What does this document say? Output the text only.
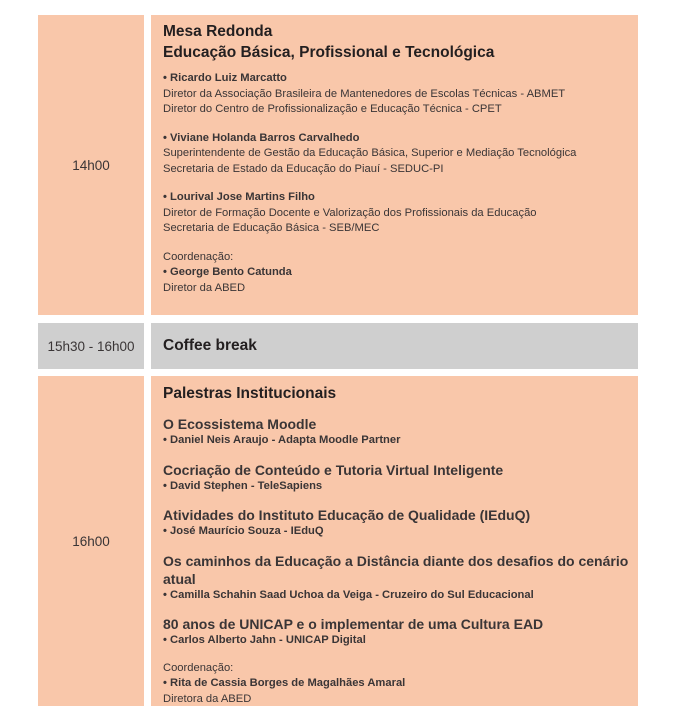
14h00
Mesa Redonda
Educação Básica, Profissional e Tecnológica
• Ricardo Luiz Marcatto
Diretor da Associação Brasileira de Mantenedores de Escolas Técnicas - ABMET
Diretor do Centro de Profissionalização e Educação Técnica - CPET
• Viviane Holanda Barros Carvalhedo
Superintendente de Gestão da Educação Básica, Superior e Mediação Tecnológica
Secretaria de Estado da Educação do Piauí - SEDUC-PI
• Lourival Jose Martins Filho
Diretor de Formação Docente e Valorização dos Profissionais da Educação
Secretaria de Educação Básica - SEB/MEC
Coordenação:
• George Bento Catunda
Diretor da ABED
15h30 - 16h00 Coffee break
16h00
Palestras Institucionais
O Ecossistema Moodle
• Daniel Neis Araujo - Adapta Moodle Partner
Cocriação de Conteúdo e Tutoria Virtual Inteligente
• David Stephen - TeleSapiens
Atividades do Instituto Educação de Qualidade (IEduQ)
• José Maurício Souza - IEduQ
Os caminhos da Educação a Distância diante dos desafios do cenário atual
• Camilla Schahin Saad Uchoa da Veiga - Cruzeiro do Sul Educacional
80 anos de UNICAP e o implementar de uma Cultura EAD
• Carlos Alberto Jahn - UNICAP Digital
Coordenação:
• Rita de Cassia Borges de Magalhães Amaral
Diretora da ABED
